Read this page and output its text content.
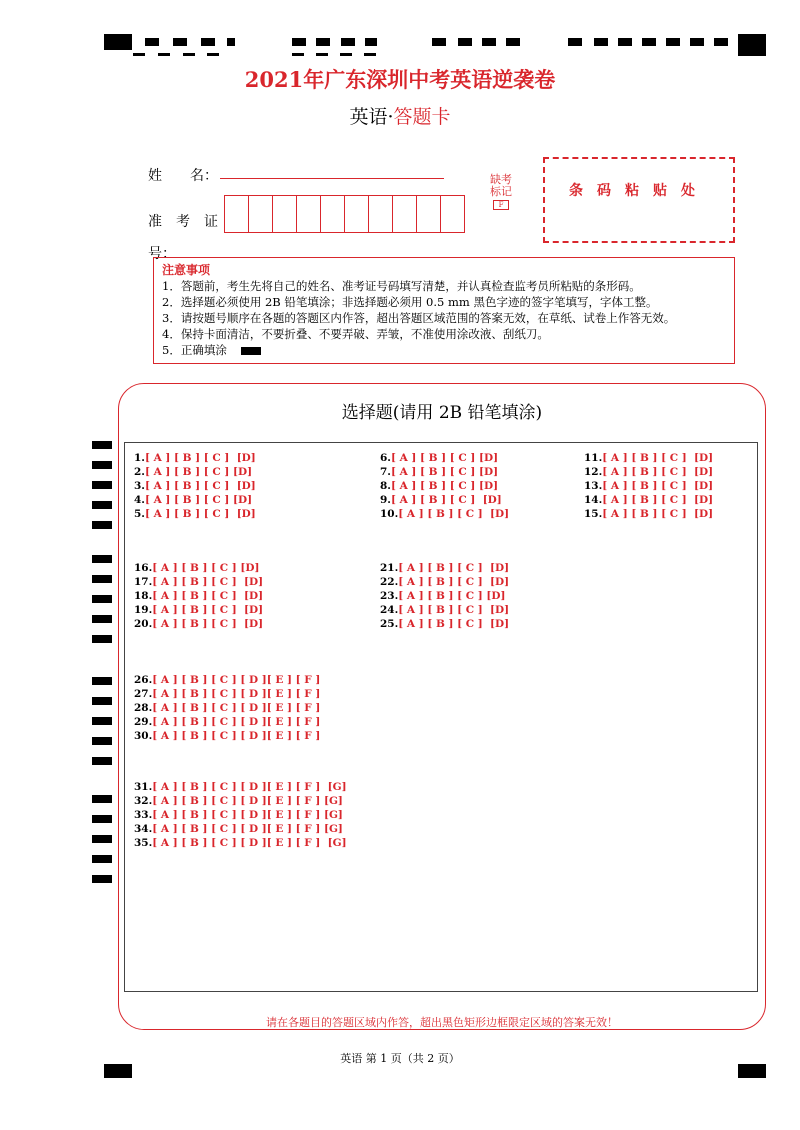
2021年广东深圳中考英语逆袭卷
英语·答题卡
姓　　名：
准　考　证
号：
缺考标记
F
条码粘贴处
注意事项
1．答题前，考生先将自己的姓名、准考证号码填写清楚，并认真检查监考员所粘贴的条形码。
2．选择题必须使用 2B 铅笔填涂；非选择题必须用 0.5 mm 黑色字迹的签字笔填写，字体工整。
3．请按题号顺序在各题的答题区内作答，超出答题区域范围的答案无效，在草纸、试卷上作答无效。
4．保持卡面清洁，不要折叠、不要弄破、弄皱，不准使用涂改液、刮纸刀。
5．正确填涂
选择题(请用 2B 铅笔填涂)
1.[ A ] [ B ] [ C ]  [D]
2.[ A ] [ B ] [ C ] [D]
3.[ A ] [ B ] [ C ]  [D]
4.[ A ] [ B ] [ C ] [D]
5.[ A ] [ B ] [ C ]  [D]
6.[ A ] [ B ] [ C ] [D]
7.[ A ] [ B ] [ C ] [D]
8.[ A ] [ B ] [ C ] [D]
9.[ A ] [ B ] [ C ]  [D]
10.[ A ] [ B ] [ C ]  [D]
11.[ A ] [ B ] [ C ]  [D]
12.[ A ] [ B ] [ C ]  [D]
13.[ A ] [ B ] [ C ]  [D]
14.[ A ] [ B ] [ C ]  [D]
15.[ A ] [ B ] [ C ]  [D]
16.[ A ] [ B ] [ C ] [D]
17.[ A ] [ B ] [ C ]  [D]
18.[ A ] [ B ] [ C ]  [D]
19.[ A ] [ B ] [ C ]  [D]
20.[ A ] [ B ] [ C ]  [D]
21.[ A ] [ B ] [ C ]  [D]
22.[ A ] [ B ] [ C ]  [D]
23.[ A ] [ B ] [ C ] [D]
24.[ A ] [ B ] [ C ]  [D]
25.[ A ] [ B ] [ C ]  [D]
26.[ A ] [ B ] [ C ] [ D ][ E ] [ F ]
27.[ A ] [ B ] [ C ] [ D ][ E ] [ F ]
28.[ A ] [ B ] [ C ] [ D ][ E ] [ F ]
29.[ A ] [ B ] [ C ] [ D ][ E ] [ F ]
30.[ A ] [ B ] [ C ] [ D ][ E ] [ F ]
31.[ A ] [ B ] [ C ] [ D ][ E ] [ F ]  [G]
32.[ A ] [ B ] [ C ] [ D ][ E ] [ F ] [G]
33.[ A ] [ B ] [ C ] [ D ][ E ] [ F ] [G]
34.[ A ] [ B ] [ C ] [ D ][ E ] [ F ] [G]
35.[ A ] [ B ] [ C ] [ D ][ E ] [ F ]  [G]
请在各题目的答题区域内作答，超出黑色矩形边框限定区域的答案无效！
英语 第 1 页（共 2 页）
